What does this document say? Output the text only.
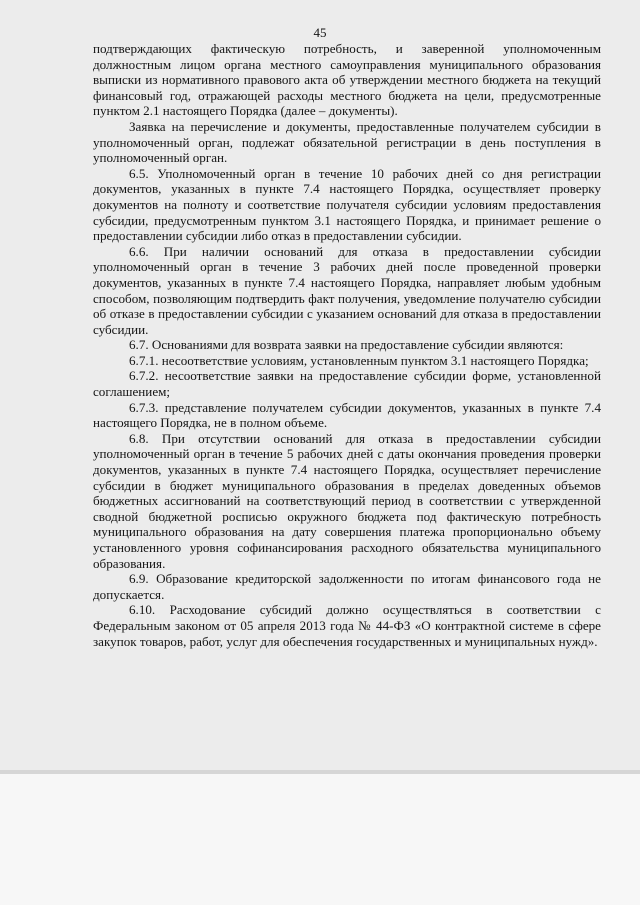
45

подтверждающих фактическую потребность, и заверенной уполномоченным должностным лицом органа местного самоуправления муниципального образования выписки из нормативного правового акта об утверждении местного бюджета на текущий финансовый год, отражающей расходы местного бюджета на цели, предусмотренные пунктом 2.1 настоящего Порядка (далее – документы).

Заявка на перечисление и документы, предоставленные получателем субсидии в уполномоченный орган, подлежат обязательной регистрации в день поступления в уполномоченный орган.

6.5. Уполномоченный орган в течение 10 рабочих дней со дня регистрации документов, указанных в пункте 7.4 настоящего Порядка, осуществляет проверку документов на полноту и соответствие получателя субсидии условиям предоставления субсидии, предусмотренным пунктом 3.1 настоящего Порядка, и принимает решение о предоставлении субсидии либо отказ в предоставлении субсидии.

6.6. При наличии оснований для отказа в предоставлении субсидии уполномоченный орган в течение 3 рабочих дней после проведенной проверки документов, указанных в пункте 7.4 настоящего Порядка, направляет любым удобным способом, позволяющим подтвердить факт получения, уведомление получателю субсидии об отказе в предоставлении субсидии с указанием оснований для отказа в предоставлении субсидии.

6.7. Основаниями для возврата заявки на предоставление субсидии являются:

6.7.1. несоответствие условиям, установленным пунктом 3.1 настоящего Порядка;

6.7.2. несоответствие заявки на предоставление субсидии форме, установленной соглашением;

6.7.3. представление получателем субсидии документов, указанных в пункте 7.4 настоящего Порядка, не в полном объеме.

6.8. При отсутствии оснований для отказа в предоставлении субсидии уполномоченный орган в течение 5 рабочих дней с даты окончания проведения проверки документов, указанных в пункте 7.4 настоящего Порядка, осуществляет перечисление субсидии в бюджет муниципального образования в пределах доведенных объемов бюджетных ассигнований на соответствующий период в соответствии с утвержденной сводной бюджетной росписью окружного бюджета под фактическую потребность муниципального образования на дату совершения платежа пропорционально объему установленного уровня софинансирования расходного обязательства муниципального образования.

6.9. Образование кредиторской задолженности по итогам финансового года не допускается.

6.10. Расходование субсидий должно осуществляться в соответствии с Федеральным законом от 05 апреля 2013 года № 44-ФЗ «О контрактной системе в сфере закупок товаров, работ, услуг для обеспечения государственных и муниципальных нужд».
